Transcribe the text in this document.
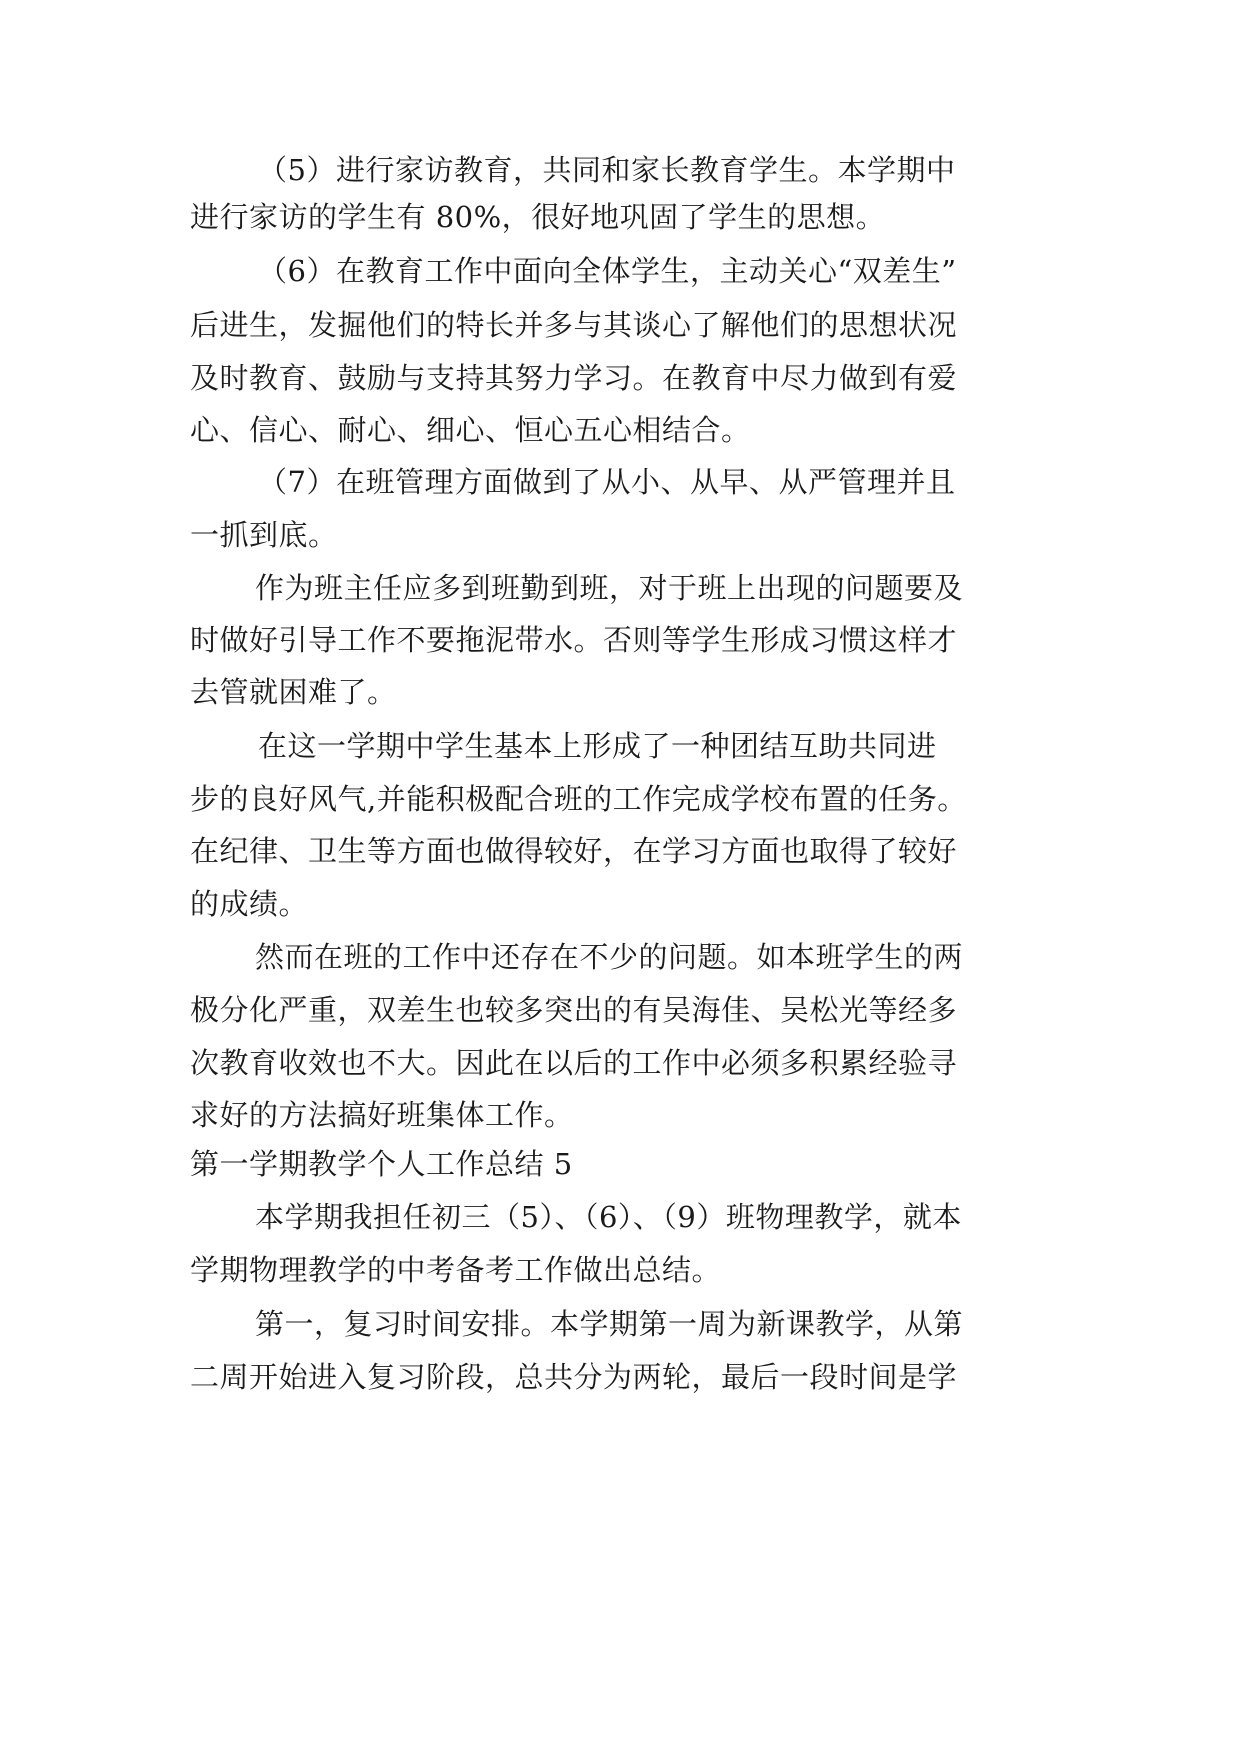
（5）进行家访教育，共同和家长教育学生。本学期中
进行家访的学生有 80%，很好地巩固了学生的思想。
（6）在教育工作中面向全体学生，主动关心“双差生”
后进生，发掘他们的特长并多与其谈心了解他们的思想状况
及时教育、鼓励与支持其努力学习。在教育中尽力做到有爱
心、信心、耐心、细心、恒心五心相结合。
（7）在班管理方面做到了从小、从早、从严管理并且
一抓到底。
作为班主任应多到班勤到班，对于班上出现的问题要及
时做好引导工作不要拖泥带水。否则等学生形成习惯这样才
去管就困难了。
在这一学期中学生基本上形成了一种团结互助共同进
步的良好风气,并能积极配合班的工作完成学校布置的任务。
在纪律、卫生等方面也做得较好，在学习方面也取得了较好
的成绩。
然而在班的工作中还存在不少的问题。如本班学生的两
极分化严重，双差生也较多突出的有吴海佳、吴松光等经多
次教育收效也不大。因此在以后的工作中必须多积累经验寻
求好的方法搞好班集体工作。
第一学期教学个人工作总结 5
本学期我担任初三（5）、（6）、（9）班物理教学，就本
学期物理教学的中考备考工作做出总结。
第一，复习时间安排。本学期第一周为新课教学，从第
二周开始进入复习阶段，总共分为两轮，最后一段时间是学
